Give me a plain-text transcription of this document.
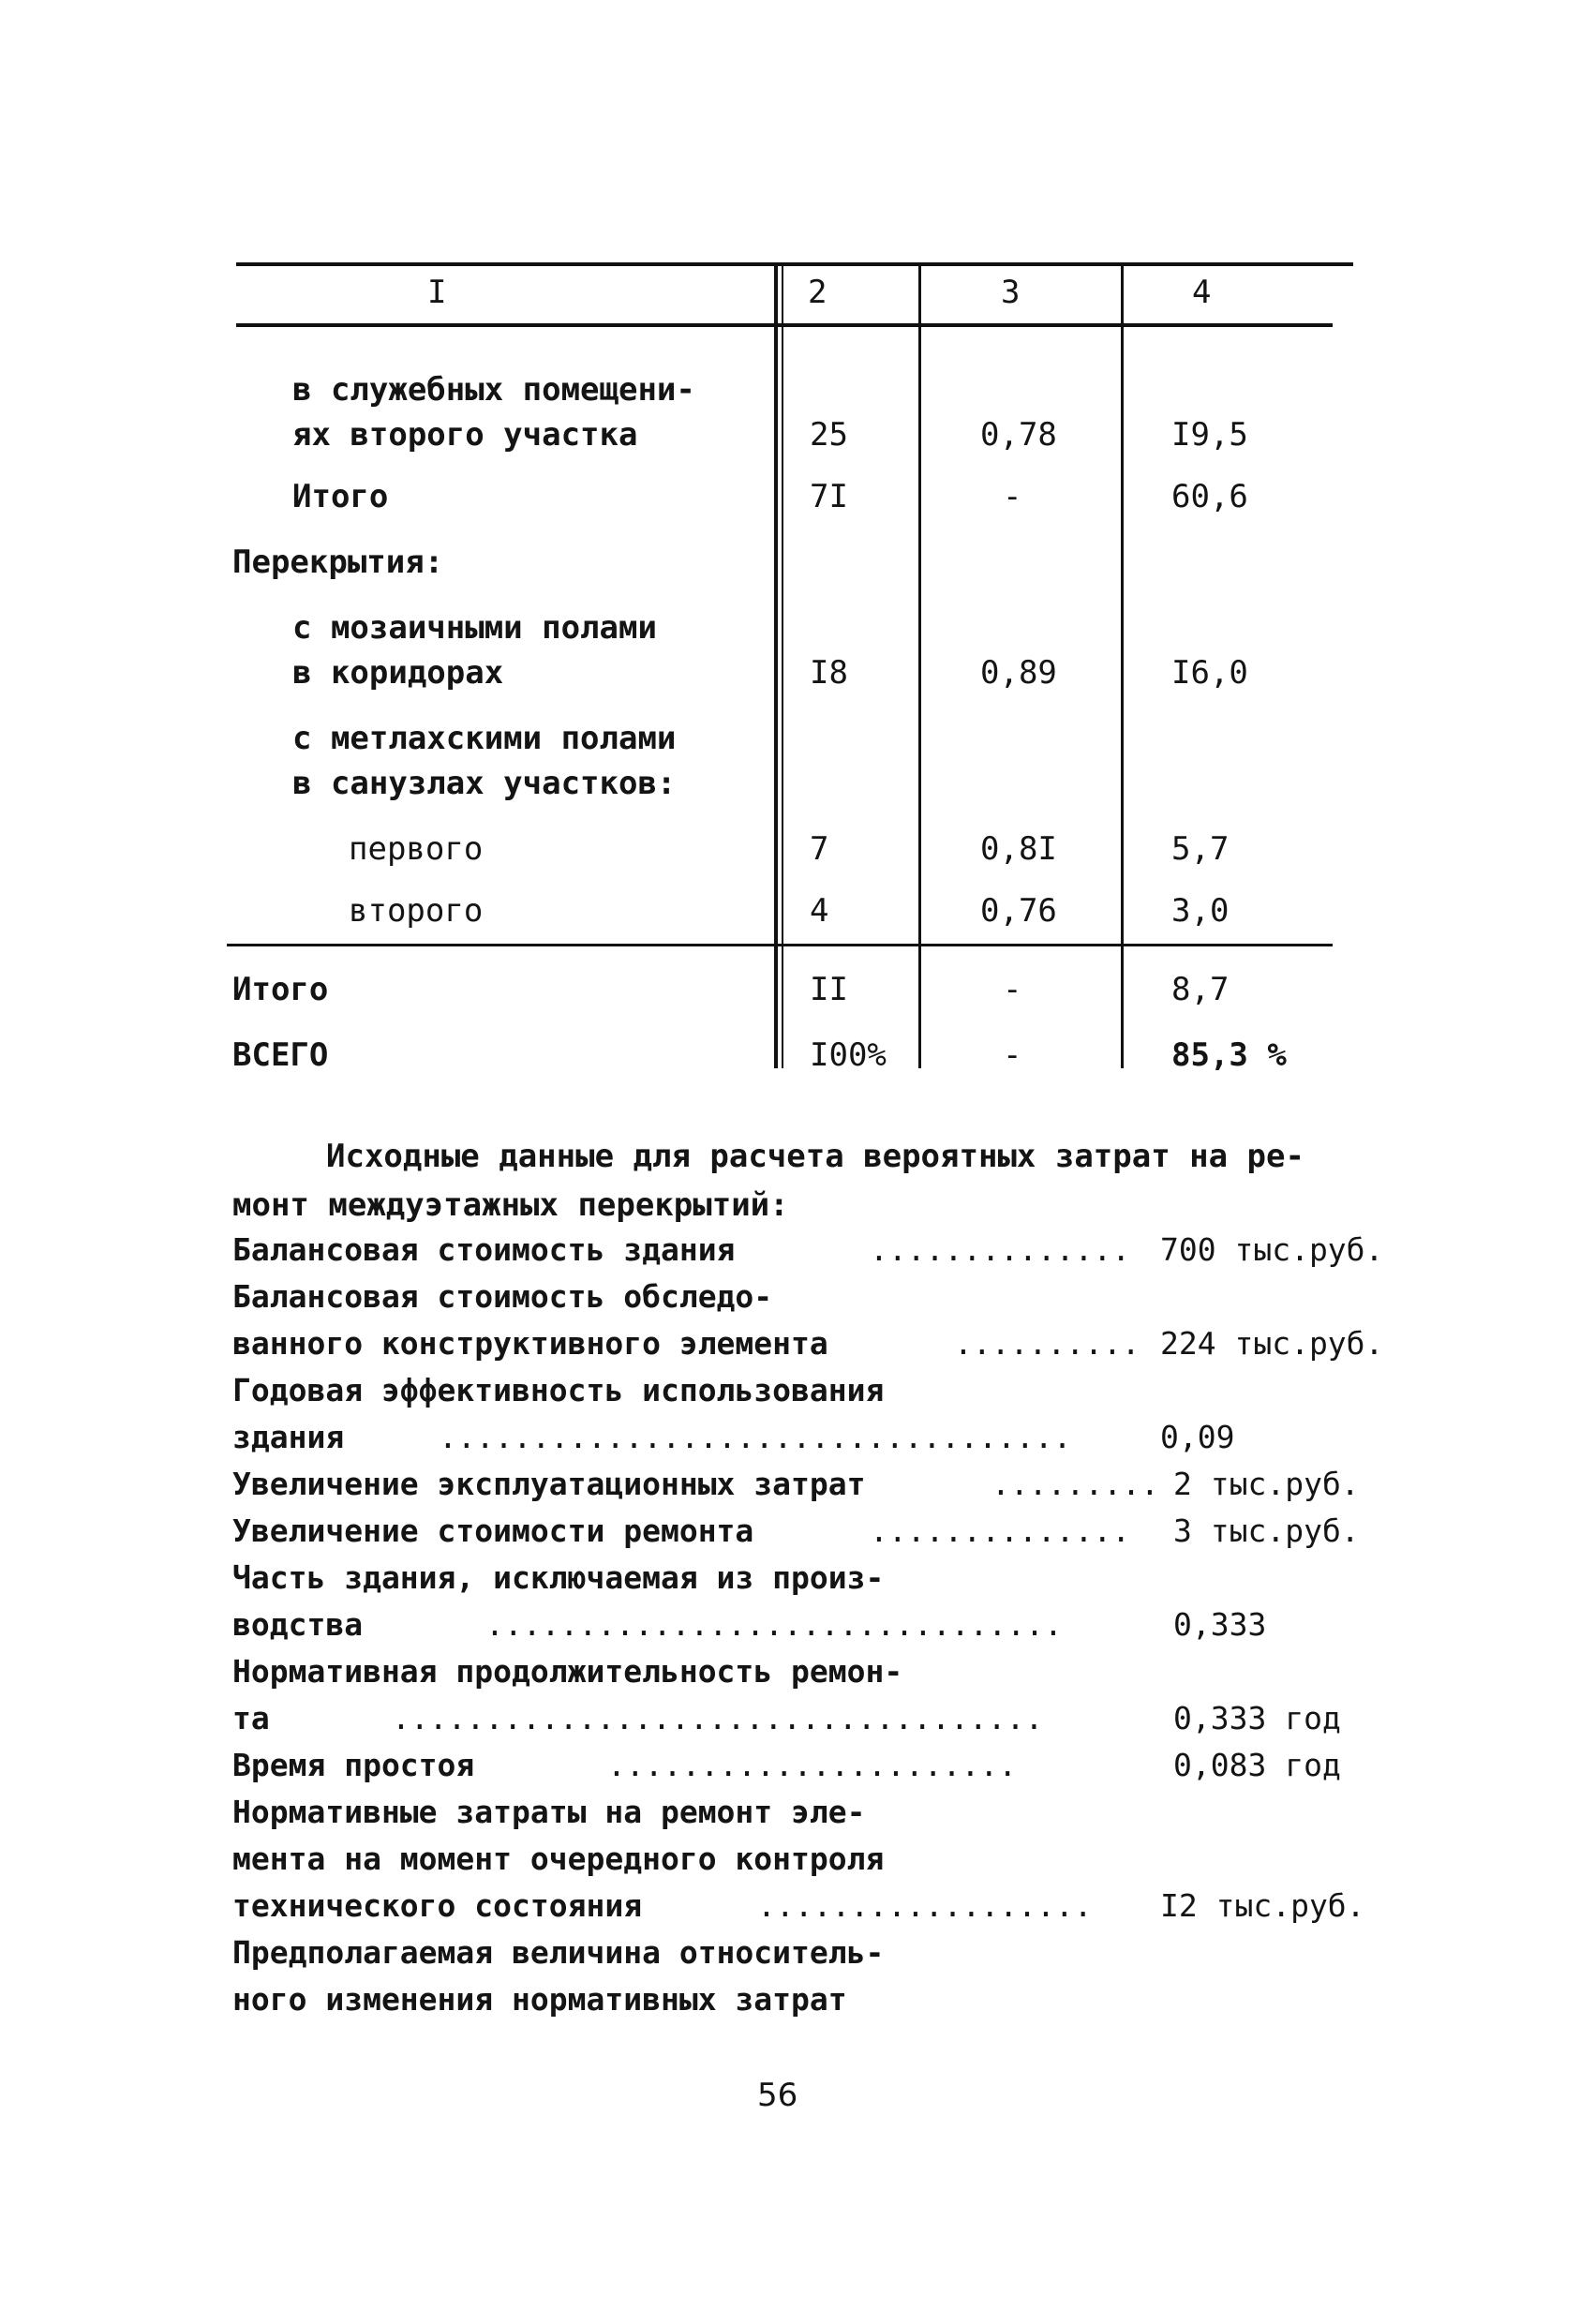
I	2	3	4
в служебных помещени-
ях второго участка	25	0,78	I9,5
Итого	7I	-	60,6
Перекрытия:
с мозаичными полами
в коридорах	I8	0,89	I6,0
с метлахскими полами
в санузлах участков:
первого	7	0,8I	5,7
второго	4	0,76	3,0
Итого	II	-	8,7
ВСЕГО	I00%	-	85,3 %
Исходные данные для расчета вероятных затрат на ре-
монт междуэтажных перекрытий:
Балансовая стоимость здания	.............. 700 тыс.руб.
Балансовая стоимость обследо-
ванного конструктивного элемента	.......... 224 тыс.руб.
Годовая эффективность использования
здания	..................................	0,09
Увеличение эксплуатационных затрат	......... 2 тыс.руб.
Увеличение стоимости ремонта	.............. 3 тыс.руб.
Часть здания, исключаемая из произ-
водства	...............................	0,333
Нормативная продолжительность ремон-
та	...................................	0,333 год
Время простоя	......................	0,083 год
Нормативные затраты на ремонт эле-
мента на момент очередного контроля
технического состояния	.................. I2 тыс.руб.
Предполагаемая величина относитель-
ного изменения нормативных затрат
56
